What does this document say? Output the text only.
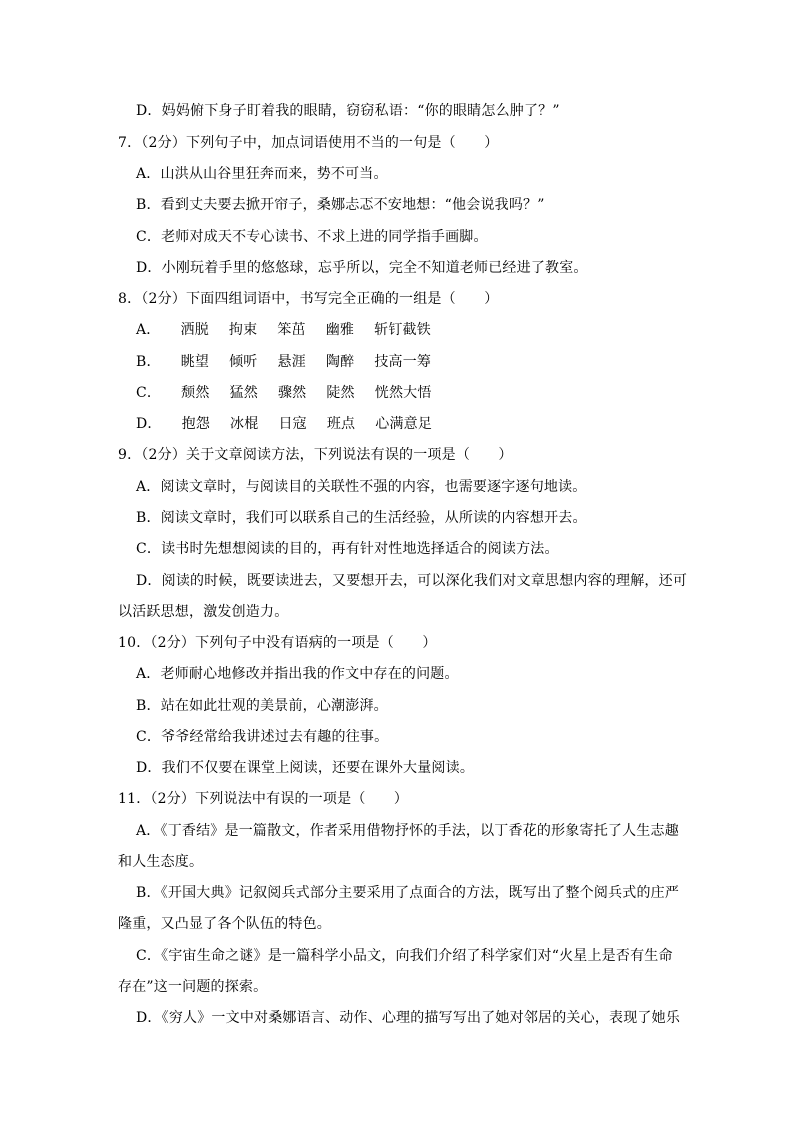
D．妈妈俯下身子盯着我的眼睛，窃窃私语：“你的眼睛怎么肿了？”
7．（2分）下列句子中，加点词语使用不当的一句是（　　）
A．山洪从山谷里狂奔而来，势不可当。
B．看到丈夫要去掀开帘子，桑娜忐忑不安地想：“他会说我吗？”
C．老师对成天不专心读书、不求上进的同学指手画脚。
D．小刚玩着手里的悠悠球，忘乎所以，完全不知道老师已经进了教室。
8．（2分）下面四组词语中，书写完全正确的一组是（　　）
A． 洒脱 拘束 笨茁 幽雅 斩钉截铁
B． 眺望 倾听 悬涯 陶醉 技高一筹
C． 颓然 猛然 骤然 陡然 恍然大悟
D． 抱怨 冰棍 日寇 班点 心满意足
9．（2分）关于文章阅读方法，下列说法有误的一项是（　　）
A．阅读文章时，与阅读目的关联性不强的内容，也需要逐字逐句地读。
B．阅读文章时，我们可以联系自己的生活经验，从所读的内容想开去。
C．读书时先想想阅读的目的，再有针对性地选择适合的阅读方法。
D．阅读的时候，既要读进去，又要想开去，可以深化我们对文章思想内容的理解，还可
以活跃思想，激发创造力。
10．（2分）下列句子中没有语病的一项是（　　）
A．老师耐心地修改并指出我的作文中存在的问题。
B．站在如此壮观的美景前，心潮澎湃。
C．爷爷经常给我讲述过去有趣的往事。
D．我们不仅要在课堂上阅读，还要在课外大量阅读。
11．（2分）下列说法中有误的一项是（　　）
A．《丁香结》是一篇散文，作者采用借物抒怀的手法，以丁香花的形象寄托了人生志趣
和人生态度。
B．《开国大典》记叙阅兵式部分主要采用了点面合的方法，既写出了整个阅兵式的庄严
隆重，又凸显了各个队伍的特色。
C．《宇宙生命之谜》是一篇科学小品文，向我们介绍了科学家们对“火星上是否有生命
存在”这一问题的探索。
D．《穷人》一文中对桑娜语言、动作、心理的描写写出了她对邻居的关心，表现了她乐
